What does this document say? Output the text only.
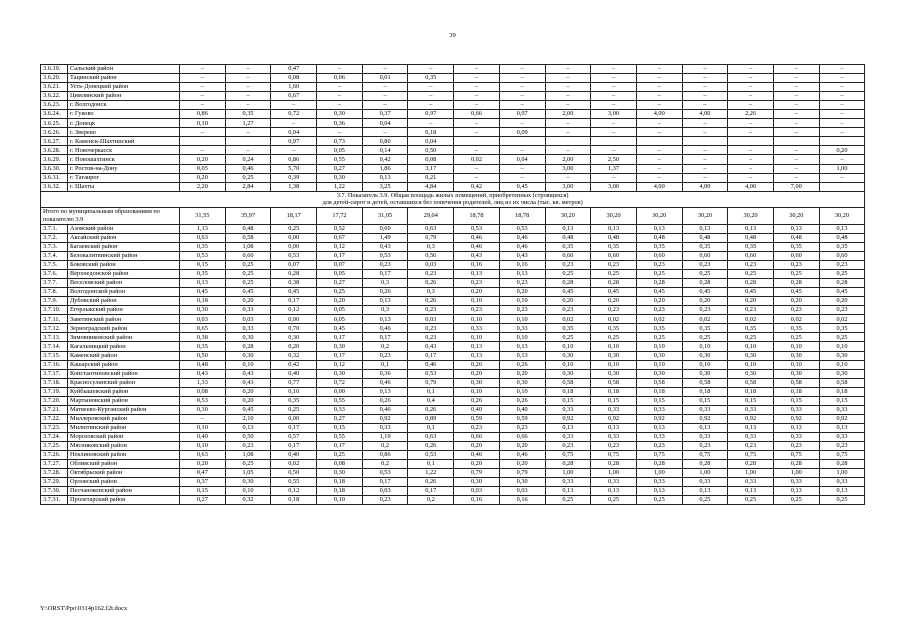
39
3.6.19.	Сальский район	–	–	0,47	–	–	–	–	–	–	–	–	–	–	–	–
3.6.20.	Тацинский район	–	–	0,08	0,06	0,01	0,35	–	–	–	–	–	–	–	–	–
3.6.21.	Усть-Донецкий район	–	–	1,60	–	–	–	–	–	–	–	–	–	–	–	–
3.6.22.	Цимлянский район	–	–	0,67	–	–	–	–	–	–	–	–	–	–	–	–
3.6.23.	г. Волгодонск	–	–	–	–	–	–	–	–	–	–	–	–	–	–	–
3.6.24.	г. Гуково	0,86	0,35	0,72	0,30	0,37	0,97	0,66	0,07	2,00	3,00	4,00	4,00	2,26	–	–
3.6.25.	г. Донецк	0,10	1,27	–	0,36	0,04	–	–	–	–	–	–	–	–	–	–
3.6.26.	г. Зверево	–	–	0,04	–	–	0,18	–	0,09	–	–	–	–	–	–	–
3.6.27.	г. Каменск-Шахтинский			0,97	0,73	0,80	0,04									
3.6.28.	г. Новочеркасск	–	–	–	0,05	0,14	0,50	–	–	–	–	–	–	–	–	0,20
3.6.29.	г. Новошахтинск	0,20	0,24	0,86	0,55	0,42	0,08	0,02	0,04	2,00	2,50	–	–	–	–	–
3.6.30.	г. Ростов-на-Дону	0,05	0,46	5,70	0,27	1,86	3,17	–	–	3,00	1,37	–	–	–	–	1,00
3.6.31.	г. Таганрог	0,20	0,25	0,39	0,30	0,13	0,21	–	–	–	–	–	–	–	–	–
3.6.32.	г. Шахты	2,20	2,84	1,38	1,22	3,25	4,84	0,42	0,45	3,00	3,00	4,00	4,00	4,00	7,00	

3.7. Показатель 3.9. Общая площадь жилых помещений, приобретенных (строящихся)
для детей-сирот и детей, оставшихся без попечения родителей, лиц из их числа (тыс. кв. метров)																

Итого по муниципальным образованиям по показателю 3.9		31,55	35,97	18,17	17,72	31,05	29,04	18,78	18,78	30,20	30,20	30,20	30,20	30,20	30,20	30,20
3.7.1.	Азовский район	1,13	0,48	0,25	0,52	0,69	0,63	0,53	0,53	0,13	0,13	0,13	0,13	0,13	0,13	0,13
3.7.2.	Аксайский район	0,63	0,58	0,00	0,67	1,49	0,79	0,46	0,46	0,48	0,48	0,48	0,48	0,48	0,48	0,48
3.7.3.	Багаевский район	0,35	1,08	0,00	0,12	0,43	0,3	0,46	0,46	0,35	0,35	0,35	0,35	0,35	0,35	0,35
3.7.4.	Белокалитвинский район	0,53	0,60	0,53	0,17	0,53	0,56	0,43	0,43	0,60	0,60	0,60	0,60	0,60	0,60	0,60
3.7.5.	Боковский район	0,15	0,25	0,07	0,07	0,23	0,03	0,16	0,16	0,23	0,23	0,23	0,23	0,23	0,23	0,23
3.7.6.	Верхнедонской район	0,35	0,25	0,28	0,05	0,17	0,23	0,13	0,13	0,25	0,25	0,25	0,25	0,25	0,25	0,25
3.7.7.	Веселовский район	0,13	0,25	0,38	0,27	0,3	0,26	0,23	0,23	0,28	0,28	0,28	0,28	0,28	0,28	0,28
3.7.8.	Волгодонской район	0,45	0,45	0,45	0,25	0,26	0,3	0,20	0,20	0,45	0,45	0,45	0,45	0,45	0,45	0,45
3.7.9.	Дубовский район	0,18	0,20	0,17	0,20	0,13	0,26	0,10	0,10	0,20	0,20	0,20	0,20	0,20	0,20	0,20
3.7.10.	Егорлыкский район	0,30	0,33	0,12	0,05	0,3	0,23	0,23	0,23	0,23	0,23	0,23	0,23	0,23	0,23	0,23
3.7.11.	Заветинский район	0,03	0,03	0,00	0,05	0,13	0,03	0,10	0,10	0,02	0,02	0,02	0,02	0,02	0,02	0,02
3.7.12.	Зерноградский район	0,65	0,33	0,70	0,45	0,46	0,23	0,33	0,33	0,35	0,35	0,35	0,35	0,35	0,35	0,35
3.7.13.	Зимовниковский район	0,38	0,30	0,30	0,17	0,17	0,23	0,10	0,10	0,25	0,25	0,25	0,25	0,25	0,25	0,25
3.7.14.	Кагальницкий район	0,35	0,28	0,20	0,30	0,2	0,43	0,13	0,13	0,10	0,10	0,10	0,10	0,10	0,10	0,10
3.7.15.	Каменский район	0,50	0,30	0,32	0,17	0,23	0,17	0,13	0,13	0,30	0,30	0,30	0,30	0,30	0,30	0,30
3.7.16.	Кашарский район	0,48	0,10	0,42	0,12	0,1	0,46	0,26	0,26	0,10	0,10	0,10	0,10	0,10	0,10	0,10
3.7.17.	Константиновский район	0,43	0,43	0,40	0,30	0,36	0,53	0,20	0,20	0,30	0,30	0,30	0,30	0,30	0,30	0,30
3.7.18.	Красносулинский район	1,33	0,43	0,77	0,72	0,46	0,79	0,30	0,30	0,58	0,58	0,58	0,58	0,58	0,58	0,58
3.7.19.	Куйбышевский район	0,08	0,20	0,10	0,00	0,13	0,1	0,10	0,10	0,18	0,18	0,18	0,18	0,18	0,18	0,18
3.7.20.	Мартыновский район	0,53	0,20	0,35	0,55	0,26	0,4	0,26	0,26	0,15	0,15	0,15	0,15	0,15	0,15	0,15
3.7.21.	Матвеево-Курганский район	0,30	0,45	0,25	0,33	0,46	0,26	0,40	0,40	0,33	0,33	0,33	0,33	0,33	0,33	0,33
3.7.22.	Миллеровский район	–	2,10	0,00	0,27	0,92	0,89	0,59	0,59	0,92	0,92	0,92	0,92	0,92	0,92	0,92
3.7.23.	Милютинский район	0,10	0,13	0,17	0,15	0,33	0,1	0,23	0,23	0,13	0,13	0,13	0,13	0,13	0,13	0,13
3.7.24.	Морозовский район	0,40	0,50	0,57	0,55	1,19	0,63	0,66	0,66	0,33	0,33	0,33	0,33	0,33	0,33	0,33
3.7.25.	Мясниковский район	0,10	0,23	0,17	0,17	0,2	0,26	0,20	0,20	0,23	0,23	0,23	0,23	0,23	0,23	0,23
3.7.26.	Неклиновский район	0,63	1,08	0,40	0,25	0,86	0,53	0,46	0,46	0,75	0,75	0,75	0,75	0,75	0,75	0,75
3.7.27.	Обливский район	0,20	0,25	0,02	0,08	0,2	0,1	0,20	0,20	0,28	0,28	0,28	0,28	0,28	0,28	0,28
3.7.28.	Октябрьский район	0,47	1,05	0,50	0,30	0,53	1,22	0,79	0,79	1,00	1,00	1,00	1,00	1,00	1,00	1,00
3.7.29.	Орловский район	0,37	0,30	0,55	0,18	0,17	0,26	0,30	0,30	0,33	0,33	0,33	0,33	0,33	0,33	0,33
3.7.30.	Песчанокопский район	0,15	0,10	0,12	0,18	0,03	0,17	0,03	0,03	0,13	0,13	0,13	0,13	0,13	0,13	0,13
3.7.31.	Пролетарский район	0,27	0,32	0,18	0,10	0,23	0,2	0,16	0,16	0,25	0,25	0,25	0,25	0,25	0,25	0,25
Y:\ORST\Ppo\0314p162.f2t.docx
